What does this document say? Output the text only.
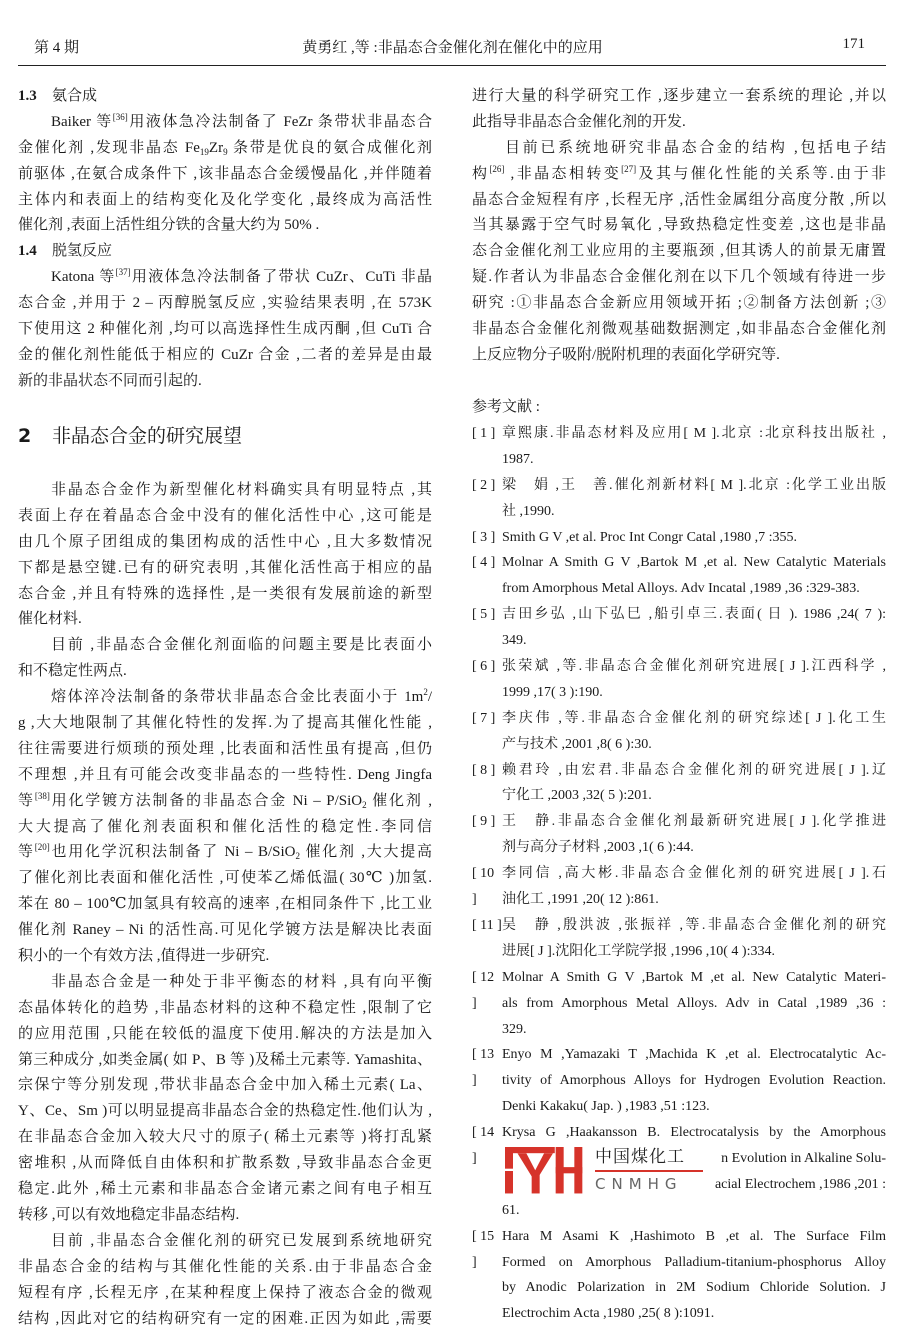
第 4 期	黄勇红 ,等 :非晶态合金催化剂在催化中的应用	171
1.3 氨合成
Baiker 等[36]用液体急冷法制备了 FeZr 条带状非晶态合
金催化剂 ,发现非晶态 $Fe_{19}Zr_9$ 条带是优良的氨合成催化剂
前驱体 ,在氨合成条件下 ,该非晶态合金缓慢晶化 ,并伴随着
主体内和表面上的结构变化及化学变化 ,最终成为高活性
催化剂 ,表面上活性组分铁的含量大约为 50% .
1.4 脱氢反应
Katona 等[37]用液体急冷法制备了带状 CuZr、CuTi 非晶
态合金 ,并用于 2 – 丙醇脱氢反应 ,实验结果表明 ,在 573K
下使用这 2 种催化剂 ,均可以高选择性生成丙酮 ,但 CuTi 合
金的催化剂性能低于相应的 CuZr 合金 ,二者的差异是由最
新的非晶状态不同而引起的.
2 非晶态合金的研究展望
非晶态合金作为新型催化材料确实具有明显特点 ,其
表面上存在着晶态合金中没有的催化活性中心 ,这可能是
由几个原子团组成的集团构成的活性中心 ,且大多数情况
下都是悬空键.已有的研究表明 ,其催化活性高于相应的晶
态合金 ,并且有特殊的选择性 ,是一类很有发展前途的新型
催化材料.
目前 ,非晶态合金催化剂面临的问题主要是比表面小
和不稳定性两点.
熔体淬冷法制备的条带状非晶态合金比表面小于 $1m^2/$
g ,大大地限制了其催化特性的发挥.为了提高其催化性能 ,
往往需要进行烦琐的预处理 ,比表面和活性虽有提高 ,但仍
不理想 ,并且有可能会改变非晶态的一些特性. Deng Jingfa
等[38]用化学镀方法制备的非晶态合金 Ni – P/SiO$_2$ 催化剂 ,
大大提高了催化剂表面积和催化活性的稳定性.李同信
等[20]也用化学沉积法制备了 Ni – B/SiO$_2$ 催化剂 ,大大提高
了催化剂比表面和催化活性 ,可使苯乙烯低温( 30℃ )加氢.
苯在 80 – 100℃加氢具有较高的速率 ,在相同条件下 ,比工业
催化剂 Raney – Ni 的活性高.可见化学镀方法是解决比表面
积小的一个有效方法 ,值得进一步研究.
非晶态合金是一种处于非平衡态的材料 ,具有向平衡
态晶体转化的趋势 ,非晶态材料的这种不稳定性 ,限制了它
的应用范围 ,只能在较低的温度下使用.解决的方法是加入
第三种成分 ,如类金属( 如 P、B 等 )及稀土元素等. Yamashita、
宗保宁等分别发现 ,带状非晶态合金中加入稀土元素( La、
Y、Ce、Sm )可以明显提高非晶态合金的热稳定性.他们认为 ,
在非晶态合金加入较大尺寸的原子( 稀土元素等 )将打乱紧
密堆积 ,从而降低自由体积和扩散系数 ,导致非晶态合金更
稳定.此外 ,稀土元素和非晶态合金诸元素之间有电子相互
转移 ,可以有效地稳定非晶态结构.
目前 ,非晶态合金催化剂的研究已发展到系统地研究
非晶态合金的结构与其催化性能的关系.由于非晶态合金
短程有序 ,长程无序 ,在某种程度上保持了液态合金的微观
结构 ,因此对它的结构研究有一定的困难.正因为如此 ,需要
进行大量的科学研究工作 ,逐步建立一套系统的理论 ,并以
此指导非晶态合金催化剂的开发.
目前已系统地研究非晶态合金的结构 ,包括电子结
构[26] ,非晶态相转变[27]及其与催化性能的关系等.由于非
晶态合金短程有序 ,长程无序 ,活性金属组分高度分散 ,所以
当其暴露于空气时易氧化 ,导致热稳定性变差 ,这也是非晶
态合金催化剂工业应用的主要瓶颈 ,但其诱人的前景无庸置
疑.作者认为非晶态合金催化剂在以下几个领域有待进一步
研究 :①非晶态合金新应用领域开拓 ;②制备方法创新 ;③
非晶态合金催化剂微观基础数据测定 ,如非晶态合金催化剂
上反应物分子吸附/脱附机理的表面化学研究等.
参考文献 :
[ 1 ] 章熙康.非晶态材料及应用[ M ].北京 :北京科技出版社 ,
1987.
[ 2 ] 梁　娟 ,王　善.催化剂新材料[ M ].北京 :化学工业出版
社 ,1990.
[ 3 ] Smith G V ,et al. Proc Int Congr Catal ,1980 ,7 :355.
[ 4 ] Molnar A Smith G V ,Bartok M ,et al. New Catalytic Materials
from Amorphous Metal Alloys. Adv Incatal ,1989 ,36 :329-383.
[ 5 ] 吉田乡弘 ,山下弘巳 ,船引卓三.表面( 日 ). 1986 ,24( 7 ):
349.
[ 6 ] 张荣斌 ,等.非晶态合金催化剂研究进展[ J ].江西科学 ,
1999 ,17( 3 ):190.
[ 7 ] 李庆伟 ,等.非晶态合金催化剂的研究综述[ J ].化工生
产与技术 ,2001 ,8( 6 ):30.
[ 8 ] 赖君玲 ,由宏君.非晶态合金催化剂的研究进展[ J ].辽
宁化工 ,2003 ,32( 5 ):201.
[ 9 ] 王　静.非晶态合金催化剂最新研究进展[ J ].化学推进
剂与高分子材料 ,2003 ,1( 6 ):44.
[ 10 ]
李同信 ,高大彬.非晶态合金催化剂的研究进展[ J ].石
油化工 ,1991 ,20( 12 ):861.
[ 11 ] 吴　静 ,殷洪波 ,张振祥 ,等.非晶态合金催化剂的研究
进展[ J ].沈阳化工学院学报 ,1996 ,10( 4 ):334.
[ 12 ]
Molnar A Smith G V ,Bartok M ,et al. New Catalytic Materi-
als from Amorphous Metal Alloys. Adv in Catal ,1989 ,36 :
329.
[ 13 ]
Enyo M ,Yamazaki T ,Machida K ,et al. Electrocatalytic Ac-
tivity of Amorphous Alloys for Hydrogen Evolution Reaction.
Denki Kakaku( Jap. ) ,1983 ,51 :123.
[ 14 ]
Krysa G ,Haakansson B. Electrocatalysis by the Amorphous
n Evolution in Alkaline Solu-
acial Electrochem ,1986 ,201 :
61.
[ 15 ]
Hara M Asami K ,Hashimoto B ,et al. The Surface Film
Formed on Amorphous Palladium-titanium-phosphorus Alloy
by Anodic Polarization in 2M Sodium Chloride Solution. J
Electrochim Acta ,1980 ,25( 8 ):1091.
中国煤化工
CNMHG
